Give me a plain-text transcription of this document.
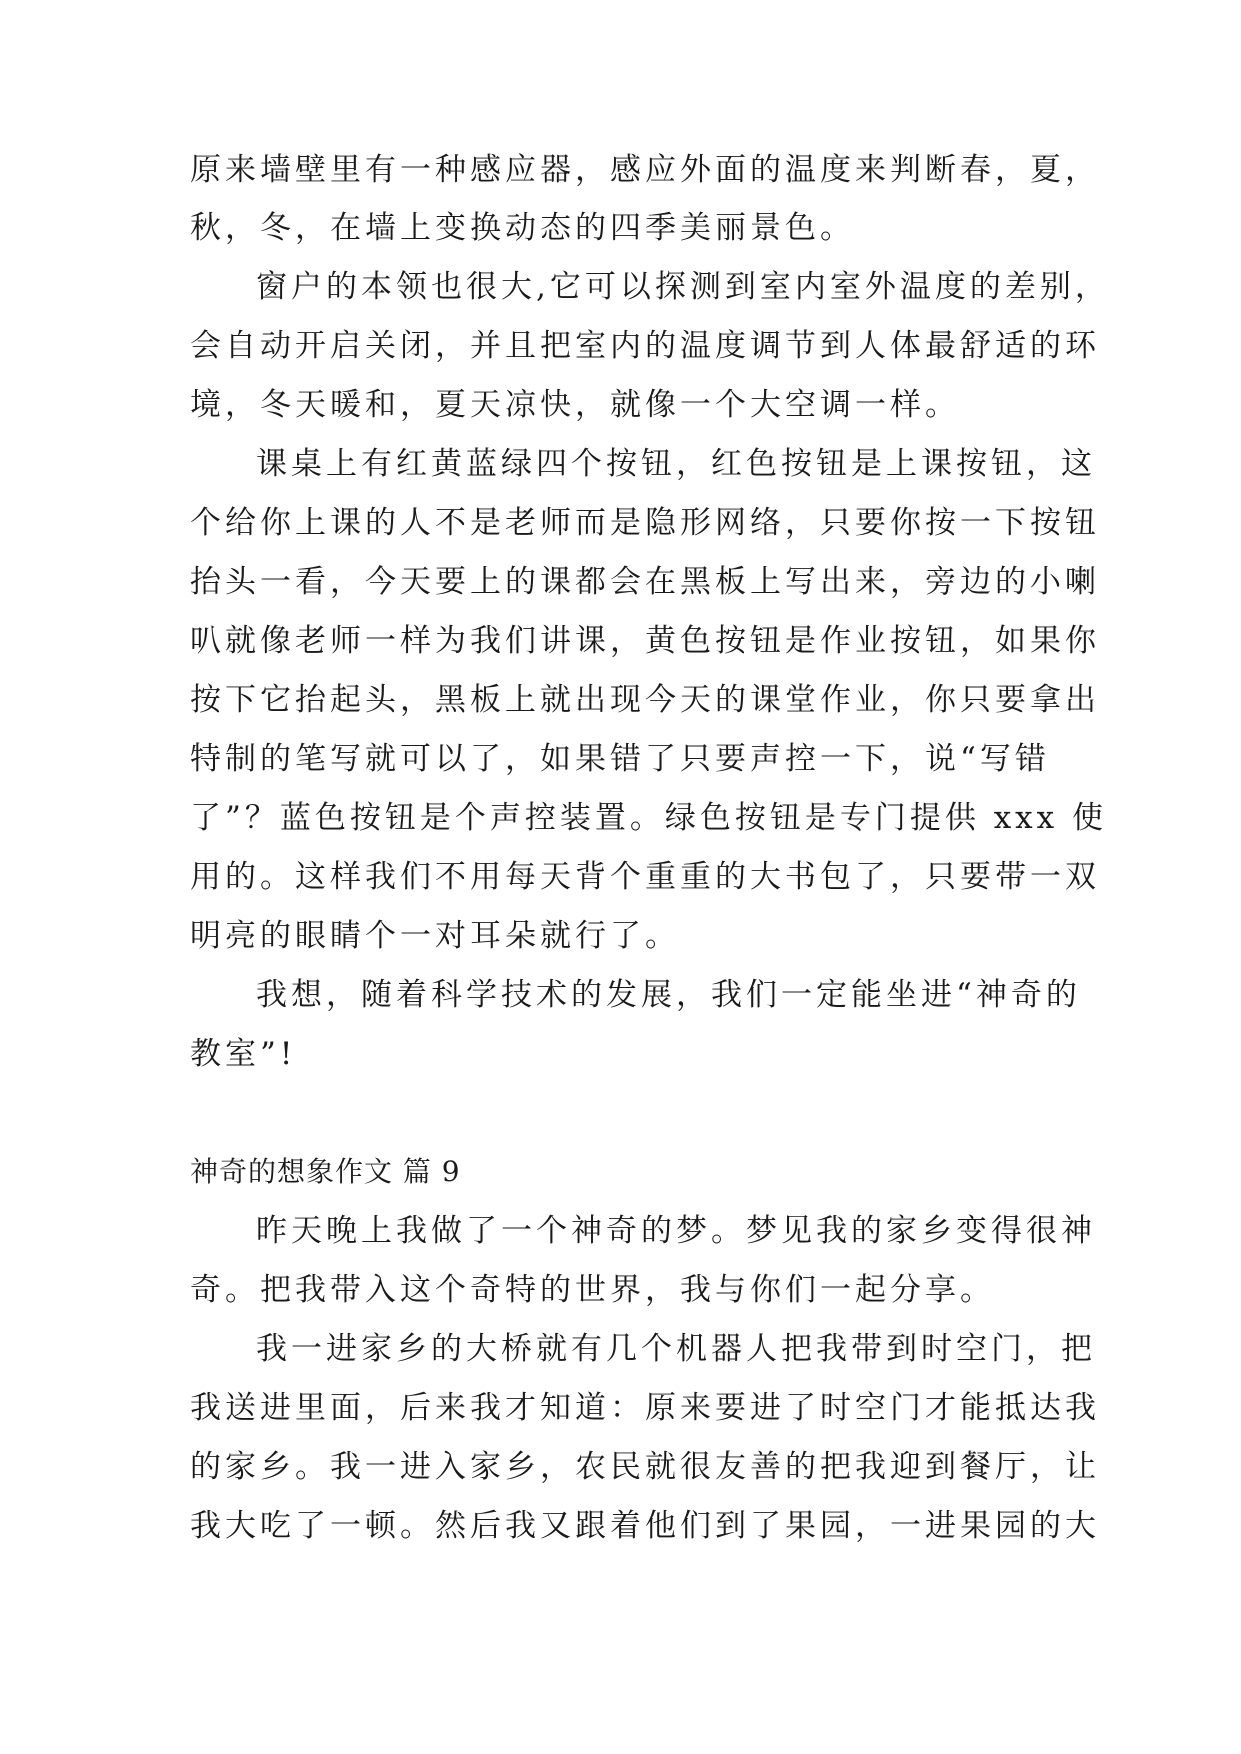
原来墙壁里有一种感应器，感应外面的温度来判断春，夏，
秋，冬，在墙上变换动态的四季美丽景色。
窗户的本领也很大,它可以探测到室内室外温度的差别，
会自动开启关闭，并且把室内的温度调节到人体最舒适的环
境，冬天暖和，夏天凉快，就像一个大空调一样。
课桌上有红黄蓝绿四个按钮，红色按钮是上课按钮，这
个给你上课的人不是老师而是隐形网络，只要你按一下按钮
抬头一看，今天要上的课都会在黑板上写出来，旁边的小喇
叭就像老师一样为我们讲课，黄色按钮是作业按钮，如果你
按下它抬起头，黑板上就出现今天的课堂作业，你只要拿出
特制的笔写就可以了，如果错了只要声控一下，说“写错
了”？蓝色按钮是个声控装置。绿色按钮是专门提供 xxx 使
用的。这样我们不用每天背个重重的大书包了，只要带一双
明亮的眼睛个一对耳朵就行了。
我想，随着科学技术的发展，我们一定能坐进“神奇的
教室”!
神奇的想象作文 篇 9
昨天晚上我做了一个神奇的梦。梦见我的家乡变得很神
奇。把我带入这个奇特的世界，我与你们一起分享。
我一进家乡的大桥就有几个机器人把我带到时空门，把
我送进里面，后来我才知道：原来要进了时空门才能抵达我
的家乡。我一进入家乡，农民就很友善的把我迎到餐厅，让
我大吃了一顿。然后我又跟着他们到了果园，一进果园的大
